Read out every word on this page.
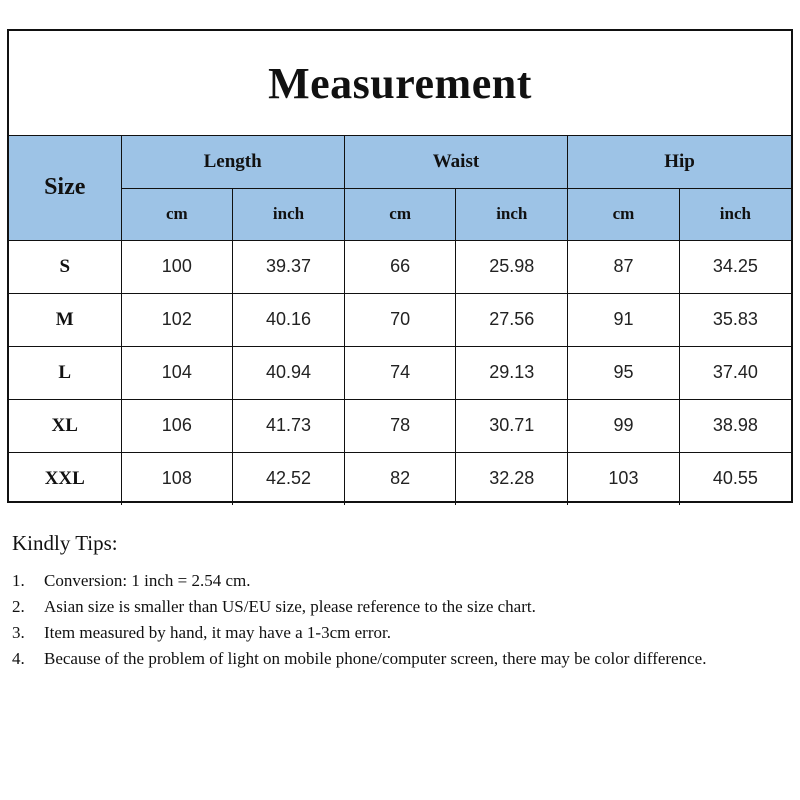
Measurement
Size	Length		Waist		Hip	
	cm	inch	cm	inch	cm	inch
S	100	39.37	66	25.98	87	34.25
M	102	40.16	70	27.56	91	35.83
L	104	40.94	74	29.13	95	37.40
XL	106	41.73	78	30.71	99	38.98
XXL	108	42.52	82	32.28	103	40.55
Kindly Tips:
1.	Conversion: 1 inch = 2.54 cm.
2.	Asian size is smaller than US/EU size, please reference to the size chart.
3.	Item measured by hand, it may have a 1-3cm error.
4.	Because of the problem of light on mobile phone/computer screen, there may be color difference.
